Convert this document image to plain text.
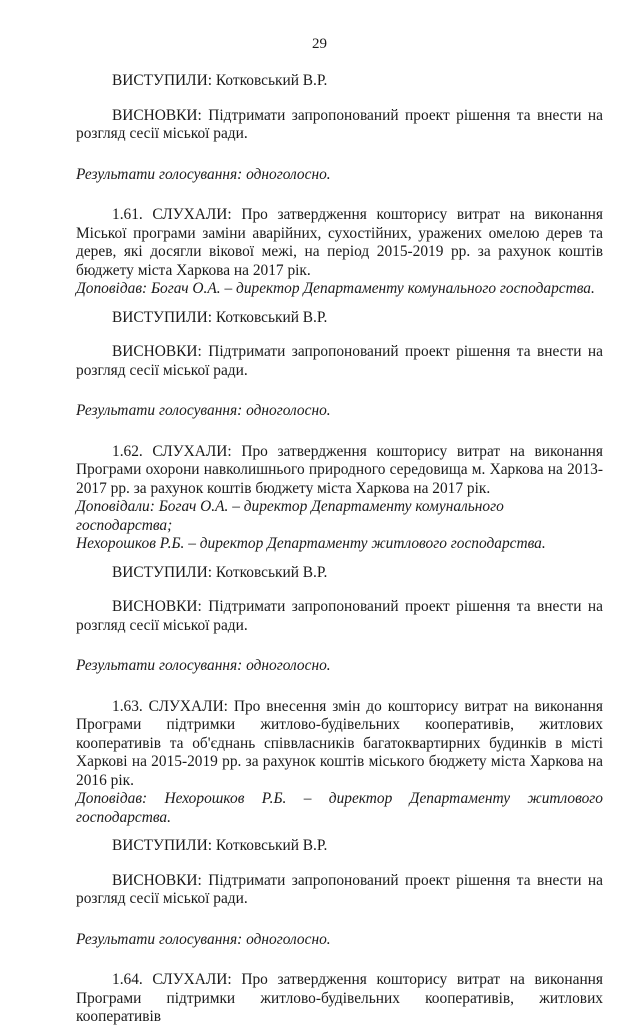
29

ВИСТУПИЛИ: Котковський В.Р.

ВИСНОВКИ: Підтримати запропонований проект рішення та внести на розгляд сесії міської ради.

Результати голосування: одноголосно.

1.61. СЛУХАЛИ: Про затвердження кошторису витрат на виконання Міської програми заміни аварійних, сухостійних, уражених омелою дерев та дерев, які досягли вікової межі, на період 2015-2019 рр. за рахунок коштів бюджету міста Харкова на 2017 рік.

Доповідав: Богач О.А. – директор Департаменту комунального господарства.

ВИСТУПИЛИ: Котковський В.Р.

ВИСНОВКИ: Підтримати запропонований проект рішення та внести на розгляд сесії міської ради.

Результати голосування: одноголосно.

1.62. СЛУХАЛИ: Про затвердження кошторису витрат на виконання Програми охорони навколишнього природного середовища м. Харкова на 2013-2017 рр. за рахунок коштів бюджету міста Харкова на 2017 рік.

Доповідали: Богач О.А. – директор Департаменту комунального господарства;

Нехорошков Р.Б. – директор Департаменту житлового господарства.

ВИСТУПИЛИ: Котковський В.Р.

ВИСНОВКИ: Підтримати запропонований проект рішення та внести на розгляд сесії міської ради.

Результати голосування: одноголосно.

1.63. СЛУХАЛИ: Про внесення змін до кошторису витрат на виконання Програми підтримки житлово-будівельних кооперативів, житлових кооперативів та об'єднань співвласників багатоквартирних будинків в місті Харкові на 2015-2019 рр. за рахунок коштів міського бюджету міста Харкова на 2016 рік.

Доповідав: Нехорошков Р.Б. – директор Департаменту житлового господарства.

ВИСТУПИЛИ: Котковський В.Р.

ВИСНОВКИ: Підтримати запропонований проект рішення та внести на розгляд сесії міської ради.

Результати голосування: одноголосно.

1.64. СЛУХАЛИ: Про затвердження кошторису витрат на виконання Програми підтримки житлово-будівельних кооперативів, житлових кооперативів
